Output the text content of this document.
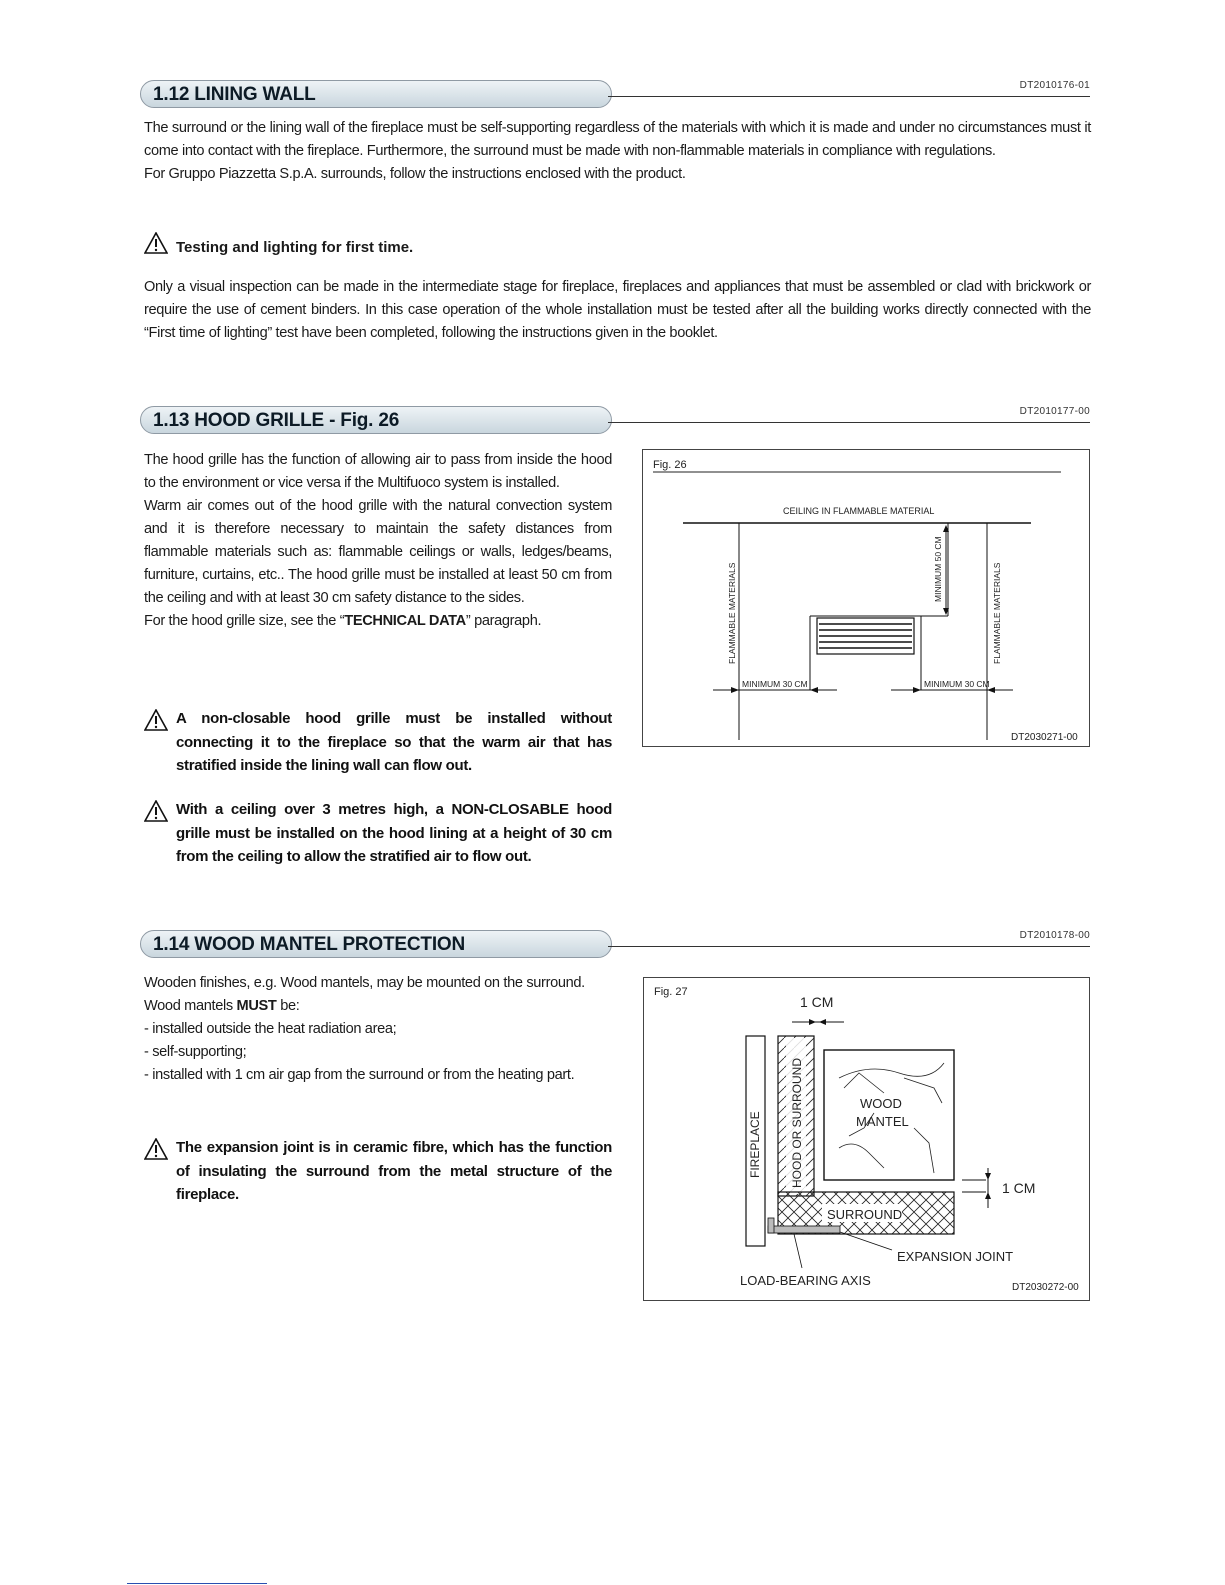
1.12 LINING WALL	DT2010176-01

The surround or the lining wall of the fireplace must be self-supporting regardless of the materials with which it is made and under no circumstances must it come into contact with the fireplace. Furthermore, the surround must be made with non-flammable materials in compliance with regulations.

For Gruppo Piazzetta S.p.A. surrounds, follow the instructions enclosed with the product.

Testing and lighting for first time.

Only a visual inspection can be made in the intermediate stage for fireplace, fireplaces and appliances that must be assembled or clad with brickwork or require the use of cement binders. In this case operation of the whole installation must be tested after all the building works directly connected with the “First time of lighting” test have been completed, following the instructions given in the booklet.

1.13 HOOD GRILLE - Fig. 26	DT2010177-00

The hood grille has the function of allowing air to pass from inside the hood to the environment or vice versa if the Multifuoco system is installed.

Warm air comes out of the hood grille with the natural convection system and it is therefore necessary to maintain the safety distances from flammable materials such as: flammable ceilings or walls, ledges/beams, furniture, curtains, etc.. The hood grille must be installed at least 50 cm from the ceiling and with at least 30 cm safety distance to the sides.

For the hood grille size, see the “TECHNICAL DATA” paragraph.

A non-closable hood grille must be installed without connecting it to the fireplace so that the warm air that has stratified inside the lining wall can flow out.
With a ceiling over 3 metres high, a NON-CLOSABLE hood grille must be installed on the hood lining at a height of 30 cm from the ceiling to allow the stratified air to flow out.
Fig. 26
CEILING IN FLAMMABLE MATERIAL
FLAMMABLE MATERIALS	FLAMMABLE MATERIALS
MINIMUM 50 CM
MINIMUM 30 CM	MINIMUM 30 CM
DT2030271-00
1.14 WOOD MANTEL PROTECTION	DT2010178-00

Wooden finishes, e.g. Wood mantels, may be mounted on the surround.

Wood mantels MUST be:

- installed outside the heat radiation area;
- self-supporting;
- installed with 1 cm air gap from the surround or from the heating part.
The expansion joint is in ceramic fibre, which has the function of insulating the surround from the metal structure of the fireplace.
Fig. 27
1 CM
FIREPLACE HOOD OR SURROUND	WOOD
MANTEL
SURROUND
EXPANSION JOINT
1 CM
LOAD-BEARING AXIS	DT2030272-00
